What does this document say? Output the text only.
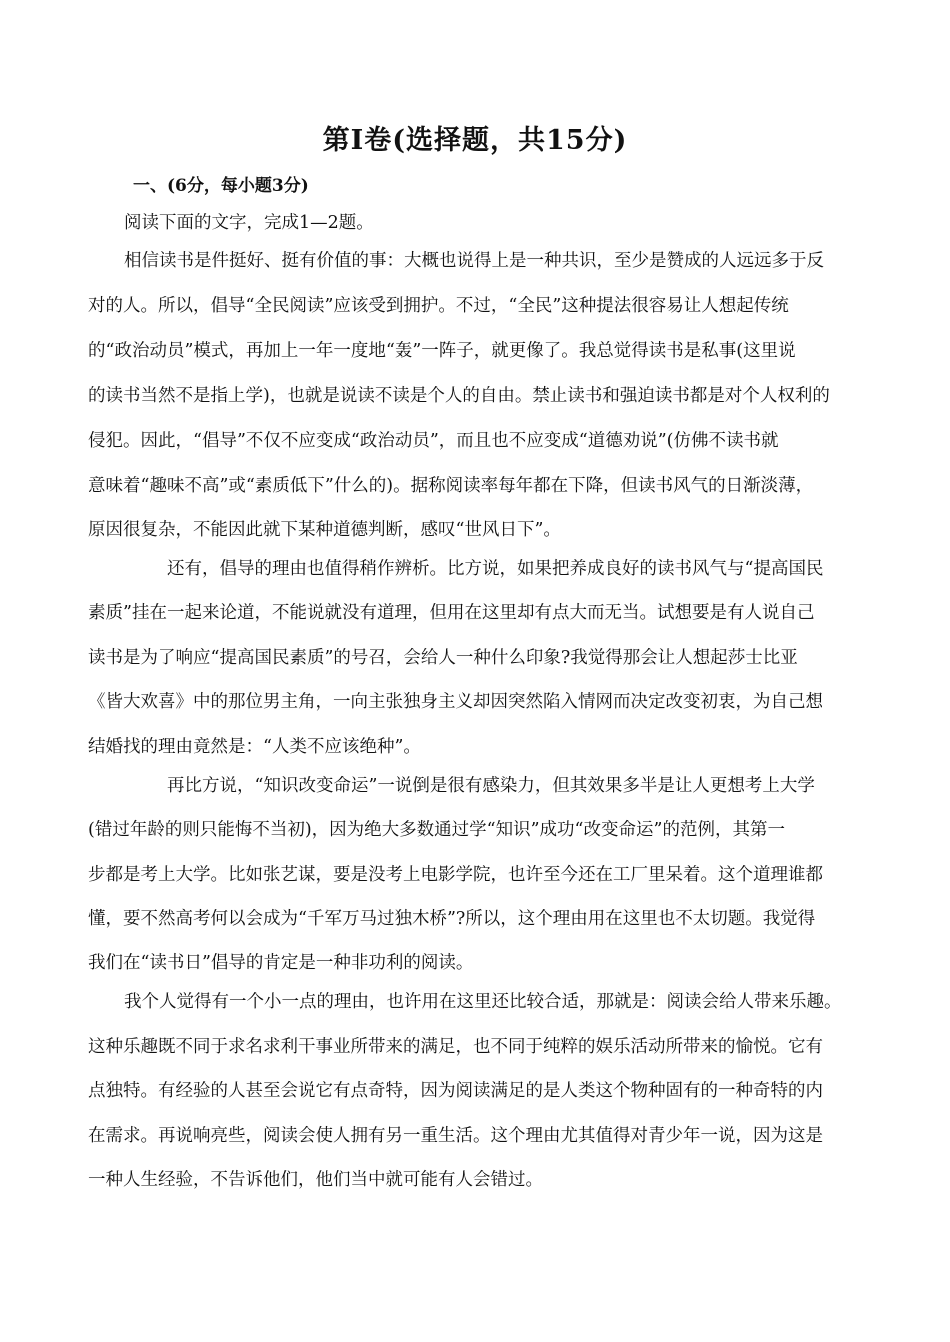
第Ⅰ卷(选择题，共15分)
一、(6分，每小题3分)
阅读下面的文字，完成1—2题。
相信读书是件挺好、挺有价值的事：大概也说得上是一种共识，至少是赞成的人远远多于反
对的人。所以，倡导“全民阅读”应该受到拥护。不过，“全民”这种提法很容易让人想起传统
的“政治动员”模式，再加上一年一度地“轰”一阵子，就更像了。我总觉得读书是私事(这里说
的读书当然不是指上学)，也就是说读不读是个人的自由。禁止读书和强迫读书都是对个人权利的
侵犯。因此，“倡导”不仅不应变成“政治动员”，而且也不应变成“道德劝说”(仿佛不读书就
意味着“趣味不高”或“素质低下”什么的)。据称阅读率每年都在下降，但读书风气的日渐淡薄，
原因很复杂，不能因此就下某种道德判断，感叹“世风日下”。
还有，倡导的理由也值得稍作辨析。比方说，如果把养成良好的读书风气与“提高国民
素质”挂在一起来论道，不能说就没有道理，但用在这里却有点大而无当。试想要是有人说自己
读书是为了响应“提高国民素质”的号召，会给人一种什么印象?我觉得那会让人想起莎士比亚
《皆大欢喜》中的那位男主角，一向主张独身主义却因突然陷入情网而决定改变初衷，为自己想
结婚找的理由竟然是：“人类不应该绝种”。
再比方说，“知识改变命运”一说倒是很有感染力，但其效果多半是让人更想考上大学
(错过年龄的则只能悔不当初)，因为绝大多数通过学“知识”成功“改变命运”的范例，其第一
步都是考上大学。比如张艺谋，要是没考上电影学院，也许至今还在工厂里呆着。这个道理谁都
懂，要不然高考何以会成为“千军万马过独木桥”?所以，这个理由用在这里也不太切题。我觉得
我们在“读书日”倡导的肯定是一种非功利的阅读。
我个人觉得有一个小一点的理由，也许用在这里还比较合适，那就是：阅读会给人带来乐趣。
这种乐趣既不同于求名求利干事业所带来的满足，也不同于纯粹的娱乐活动所带来的愉悦。它有
点独特。有经验的人甚至会说它有点奇特，因为阅读满足的是人类这个物种固有的一种奇特的内
在需求。再说响亮些，阅读会使人拥有另一重生活。这个理由尤其值得对青少年一说，因为这是
一种人生经验，不告诉他们，他们当中就可能有人会错过。
